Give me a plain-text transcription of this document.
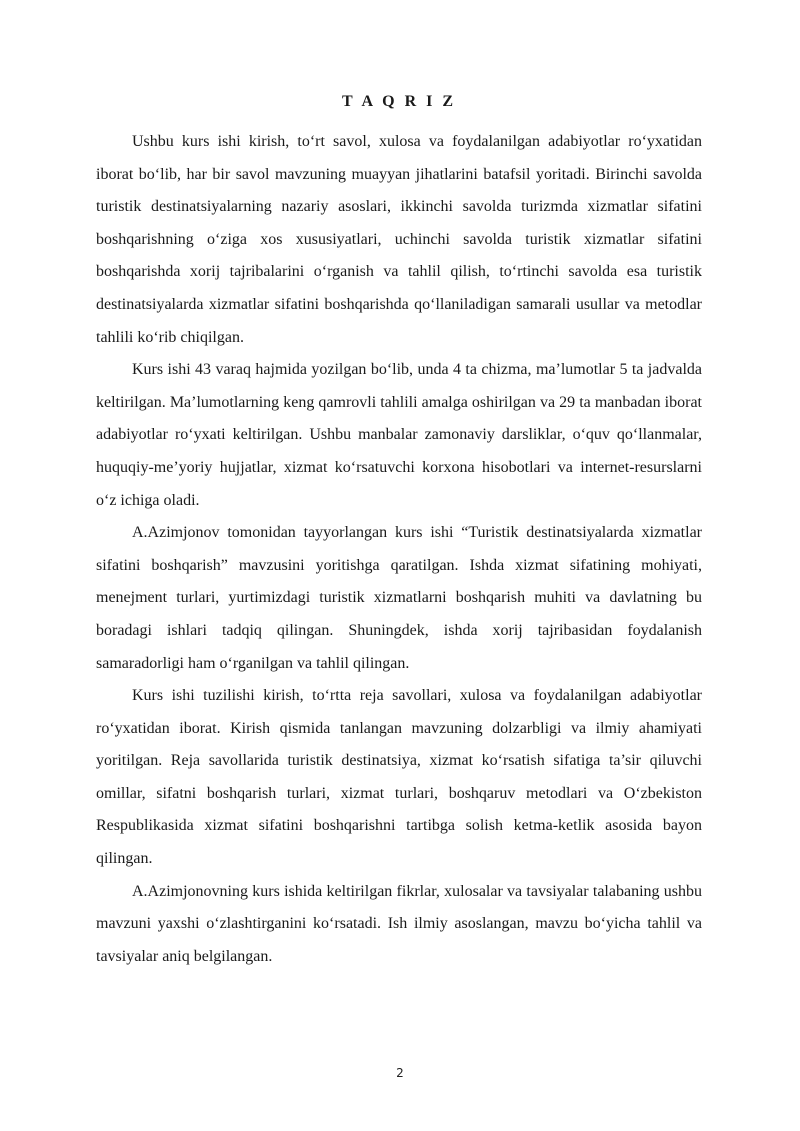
T A Q R I Z

Ushbu kurs ishi kirish, to‘rt savol, xulosa va foydalanilgan adabiyotlar ro‘yxatidan iborat bo‘lib, har bir savol mavzuning muayyan jihatlarini batafsil yoritadi. Birinchi savolda turistik destinatsiyalarning nazariy asoslari, ikkinchi savolda turizmda xizmatlar sifatini boshqarishning o‘ziga xos xususiyatlari, uchinchi savolda turistik xizmatlar sifatini boshqarishda xorij tajribalarini o‘rganish va tahlil qilish, to‘rtinchi savolda esa turistik destinatsiyalarda xizmatlar sifatini boshqarishda qo‘llaniladigan samarali usullar va metodlar tahlili ko‘rib chiqilgan.

Kurs ishi 43 varaq hajmida yozilgan bo‘lib, unda 4 ta chizma, ma’lumotlar 5 ta jadvalda keltirilgan. Ma’lumotlarning keng qamrovli tahlili amalga oshirilgan va 29 ta manbadan iborat adabiyotlar ro‘yxati keltirilgan. Ushbu manbalar zamonaviy darsliklar, o‘quv qo‘llanmalar, huquqiy-me’yoriy hujjatlar, xizmat ko‘rsatuvchi korxona hisobotlari va internet-resurslarni o‘z ichiga oladi.

A.Azimjonov tomonidan tayyorlangan kurs ishi “Turistik destinatsiyalarda xizmatlar sifatini boshqarish” mavzusini yoritishga qaratilgan. Ishda xizmat sifatining mohiyati, menejment turlari, yurtimizdagi turistik xizmatlarni boshqarish muhiti va davlatning bu boradagi ishlari tadqiq qilingan. Shuningdek, ishda xorij tajribasidan foydalanish samaradorligi ham o‘rganilgan va tahlil qilingan.

Kurs ishi tuzilishi kirish, to‘rtta reja savollari, xulosa va foydalanilgan adabiyotlar ro‘yxatidan iborat. Kirish qismida tanlangan mavzuning dolzarbligi va ilmiy ahamiyati yoritilgan. Reja savollarida turistik destinatsiya, xizmat ko‘rsatish sifatiga ta’sir qiluvchi omillar, sifatni boshqarish turlari, xizmat turlari, boshqaruv metodlari va O‘zbekiston Respublikasida xizmat sifatini boshqarishni tartibga solish ketma-ketlik asosida bayon qilingan.

A.Azimjonovning kurs ishida keltirilgan fikrlar, xulosalar va tavsiyalar talabaning ushbu mavzuni yaxshi o‘zlashtirganini ko‘rsatadi. Ish ilmiy asoslangan, mavzu bo‘yicha tahlil va tavsiyalar aniq belgilangan.

2
